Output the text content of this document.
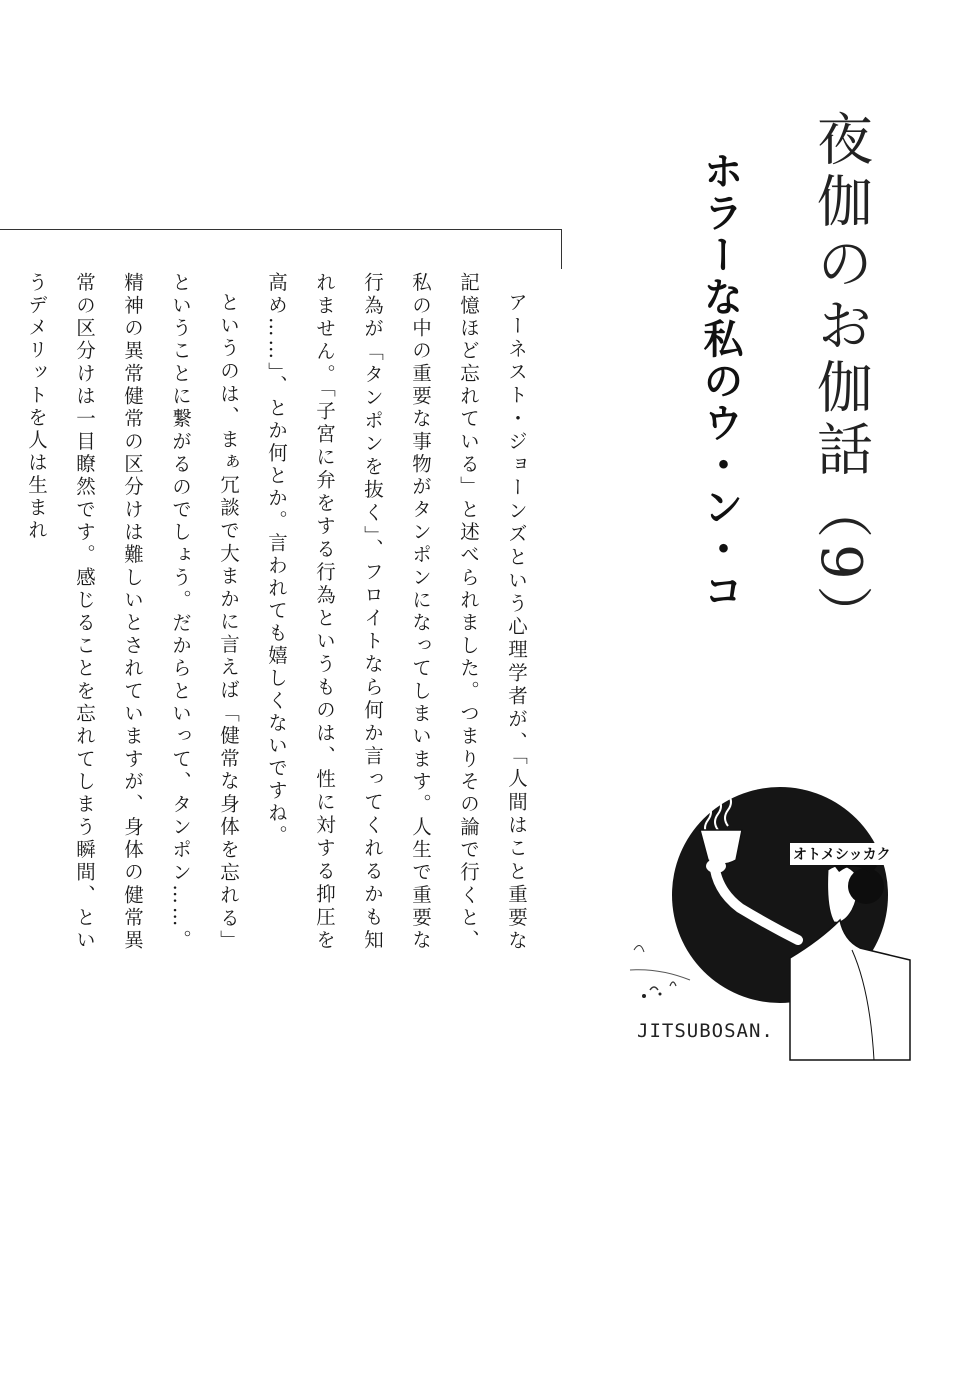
夜伽のお伽話（9）
ホラーな私のウ・ン・コ

アーネスト・ジョーンズという心理学者が、「人間はこと重要な記憶ほど忘れている」と述べられました。つまりその論で行くと、私の中の重要な事物がタンポンになってしまいます。人生で重要な行為が「タンポンを抜く」、フロイトなら何か言ってくれるかも知れません。「子宮に弁をする行為というものは、性に対する抑圧を高め……」、とか何とか。言われても嬉しくないですね。

というのは、まぁ冗談で大まかに言えば「健常な身体を忘れる」ということに繋がるのでしょう。だからといって、タンポン……。精神の異常健常の区分けは難しいとされていますが、身体の健常異常の区分けは一目瞭然です。感じることを忘れてしまう瞬間、というデメリットを人は生まれ

オトメシッカク
JITSUBOSAN.
